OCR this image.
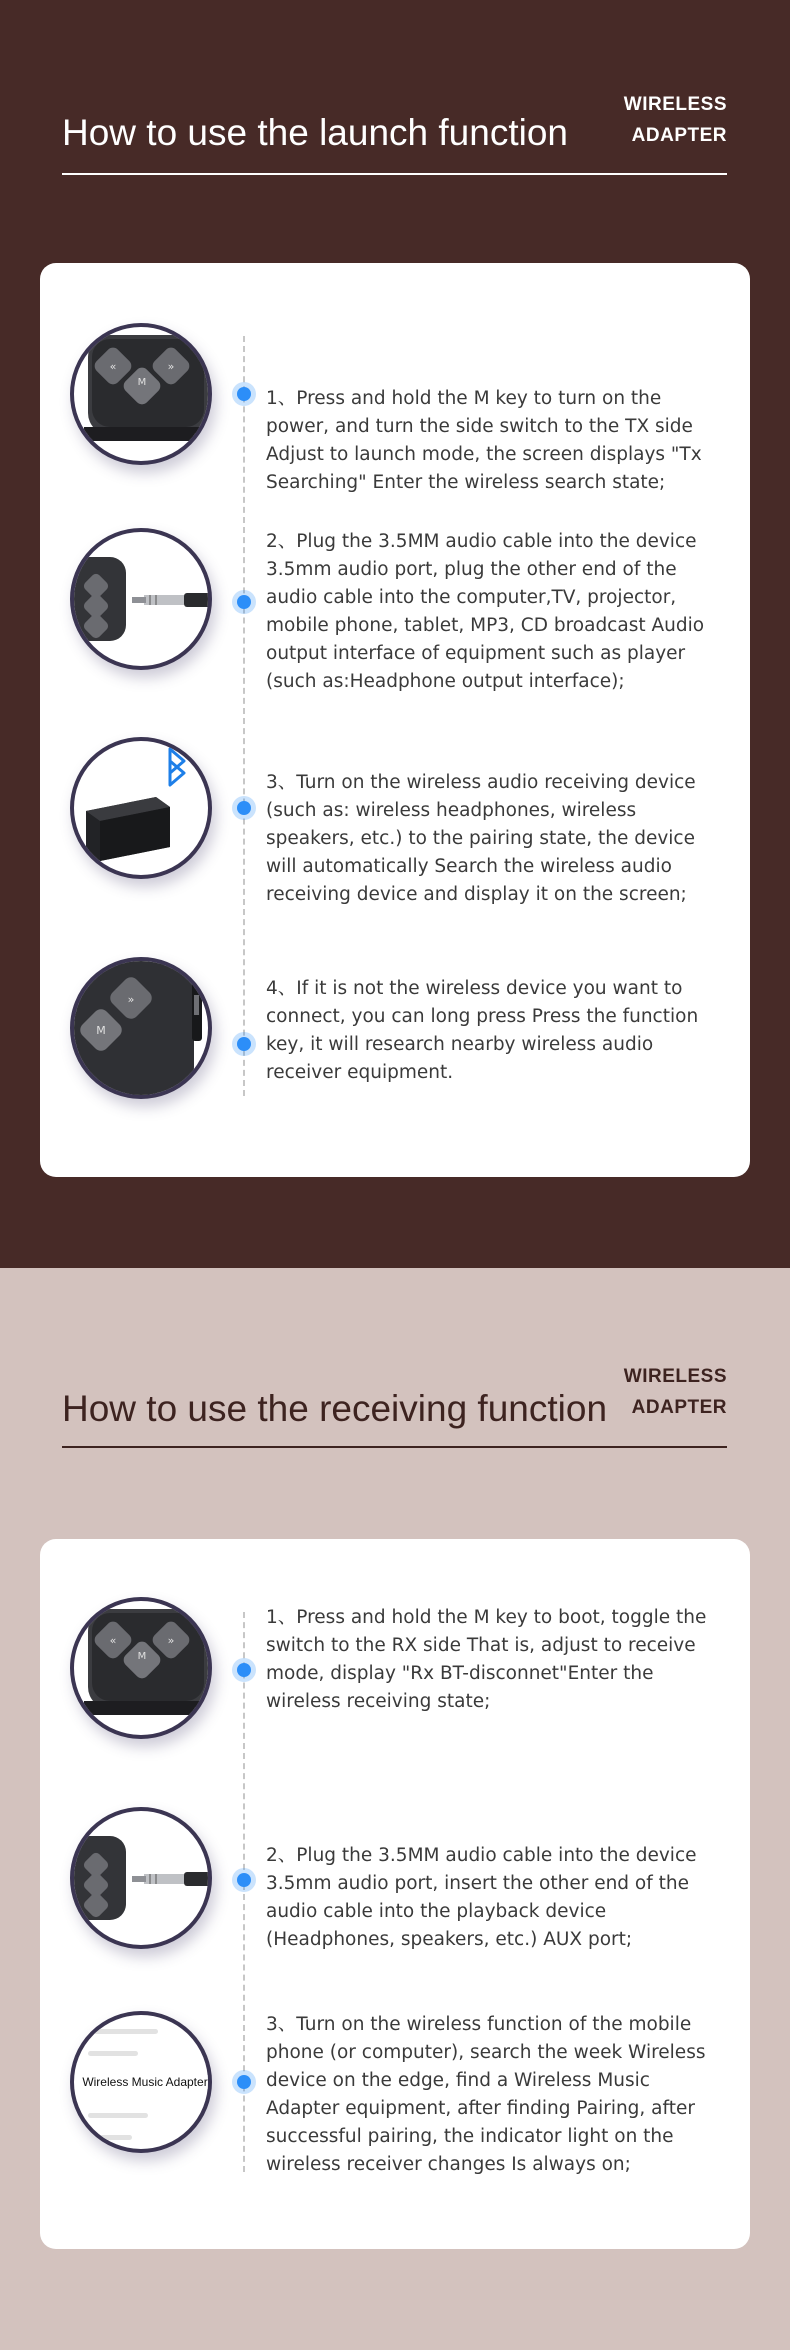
How to use the launch function
WIRELESS
ADAPTER
«	»
M
1、Press and hold the M key to turn on the power, and turn the side switch to the TX side Adjust to launch mode, the screen displays "Tx Searching" Enter the wireless search state;
2、Plug the 3.5MM audio cable into the device 3.5mm audio port, plug the other end of the audio cable into the computer,TV, projector, mobile phone, tablet, MP3, CD broadcast Audio output interface of equipment such as player (such as:Headphone output interface);
3、Turn on the wireless audio receiving device (such as: wireless headphones, wireless speakers, etc.) to the pairing state, the device will automatically Search the wireless audio receiving device and display it on the screen;
»
M
4、If it is not the wireless device you want to connect, you can long press Press the function key, it will research nearby wireless audio receiver equipment.
How to use the receiving function
WIRELESS
ADAPTER
«	»
M
1、Press and hold the M key to boot, toggle the switch to the RX side That is, adjust to receive mode, display "Rx BT-disconnet"Enter the wireless receiving state;
2、Plug the 3.5MM audio cable into the device 3.5mm audio port, insert the other end of the audio cable into the playback device (Headphones, speakers, etc.) AUX port;
Wireless Music Adapter
3、Turn on the wireless function of the mobile phone (or computer), search the week Wireless device on the edge, find a Wireless Music Adapter equipment, after finding Pairing, after successful pairing, the indicator light on the wireless receiver changes Is always on;
